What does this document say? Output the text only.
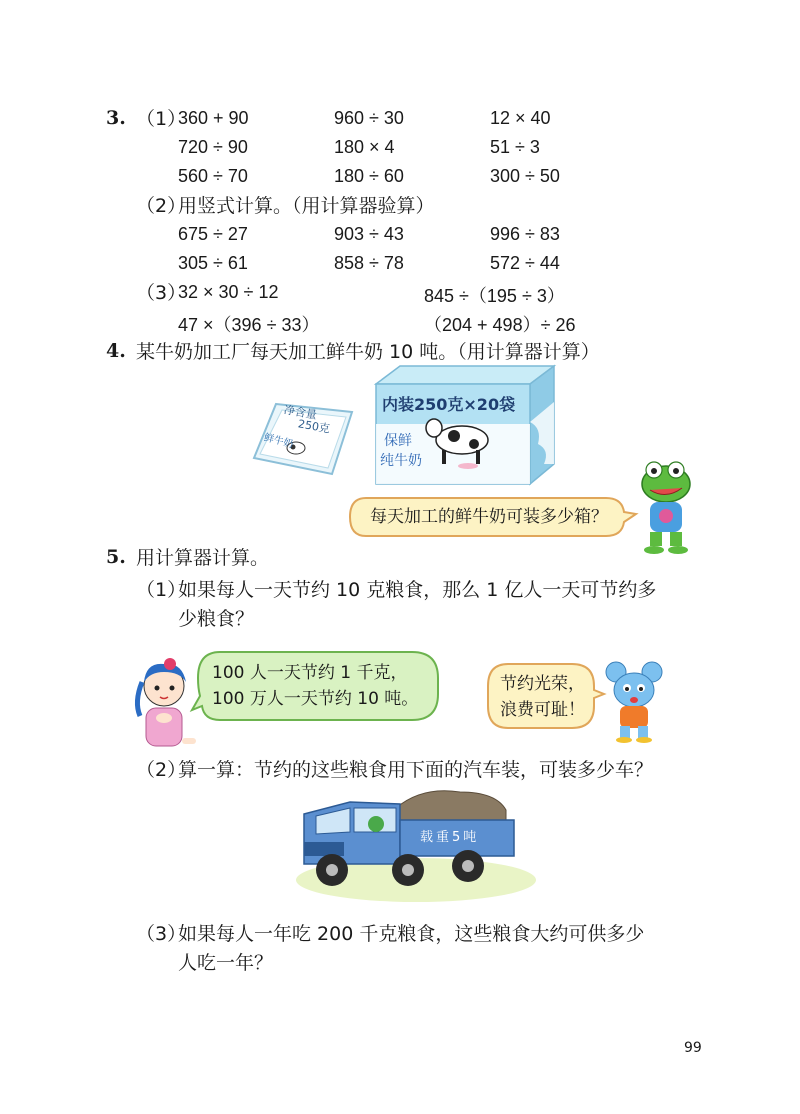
3. （1）
360 + 90	960 ÷ 30	12 × 40
720 ÷ 90	180 × 4	51 ÷ 3
560 ÷ 70	180 ÷ 60	300 ÷ 50
（2）
用竖式计算。（用计算器验算）
675 ÷ 27	903 ÷ 43	996 ÷ 83
305 ÷ 61	858 ÷ 78	572 ÷ 44
（3）
32 × 30 ÷ 12	845 ÷（195 ÷ 3）
47 ×（396 ÷ 33）	（204 + 498）÷ 26
4. 某牛奶加工厂每天加工鲜牛奶 10 吨。（用计算器计算）
净含量
250克
鲜牛奶
内装250克×20袋
保鲜
纯牛奶
每天加工的鲜牛奶可装多少箱？
5. 用计算器计算。
（1）
如果每人一天节约 10 克粮食，那么 1 亿人一天可节约多
少粮食？
100 人一天节约 1 千克，
100 万人一天节约 10 吨。
节约光荣，
浪费可耻！
（2）
算一算：节约的这些粮食用下面的汽车装，可装多少车？
载重5吨
（3）
如果每人一年吃 200 千克粮食，这些粮食大约可供多少
人吃一年？
99
